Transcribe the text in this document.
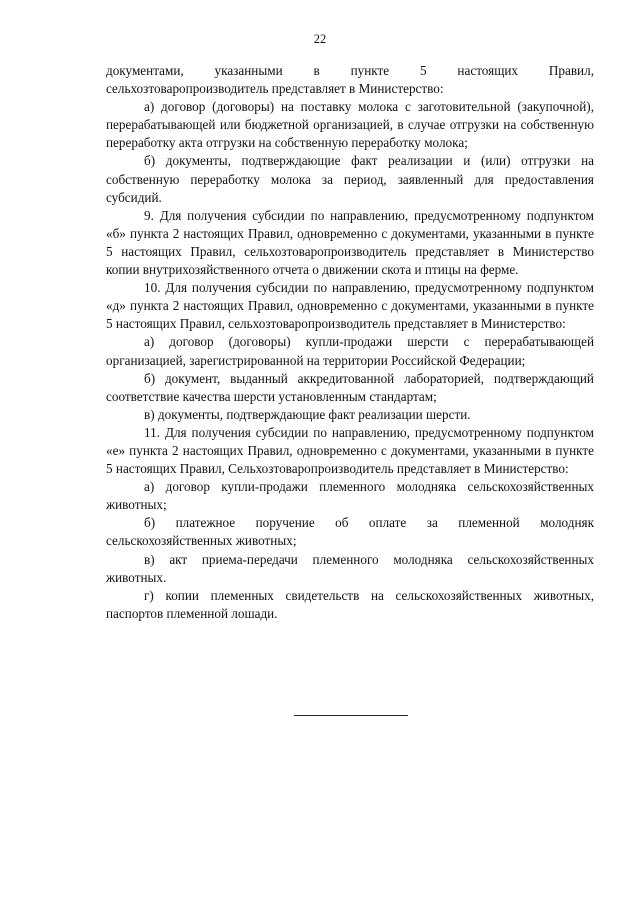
22

документами, указанными в пункте 5 настоящих Правил, сельхозтоваропроизводитель представляет в Министерство:

а) договор (договоры) на поставку молока с заготовительной (закупочной), перерабатывающей или бюджетной организацией, в случае отгрузки на собственную переработку акта отгрузки на собственную переработку молока;

б) документы, подтверждающие факт реализации и (или) отгрузки на собственную переработку молока за период, заявленный для предоставления субсидий.

9. Для получения субсидии по направлению, предусмотренному подпунктом «б» пункта 2 настоящих Правил, одновременно с документами, указанными в пункте 5 настоящих Правил, сельхозтоваропроизводитель представляет в Министерство копии внутрихозяйственного отчета о движении скота и птицы на ферме.

10. Для получения субсидии по направлению, предусмотренному подпунктом «д» пункта 2 настоящих Правил, одновременно с документами, указанными в пункте 5 настоящих Правил, сельхозтоваропроизводитель представляет в Министерство:

а) договор (договоры) купли-продажи шерсти с перерабатывающей организацией, зарегистрированной на территории Российской Федерации;

б) документ, выданный аккредитованной лабораторией, подтверждающий соответствие качества шерсти установленным стандартам;

в) документы, подтверждающие факт реализации шерсти.

11. Для получения субсидии по направлению, предусмотренному подпунктом «е» пункта 2 настоящих Правил, одновременно с документами, указанными в пункте 5 настоящих Правил, Сельхозтоваропроизводитель представляет в Министерство:

а) договор купли-продажи племенного молодняка сельскохозяйственных животных;

б) платежное поручение об оплате за племенной молодняк сельскохозяйственных животных;

в) акт приема-передачи племенного молодняка сельскохозяйственных животных.

г) копии племенных свидетельств на сельскохозяйственных животных, паспортов племенной лошади.
